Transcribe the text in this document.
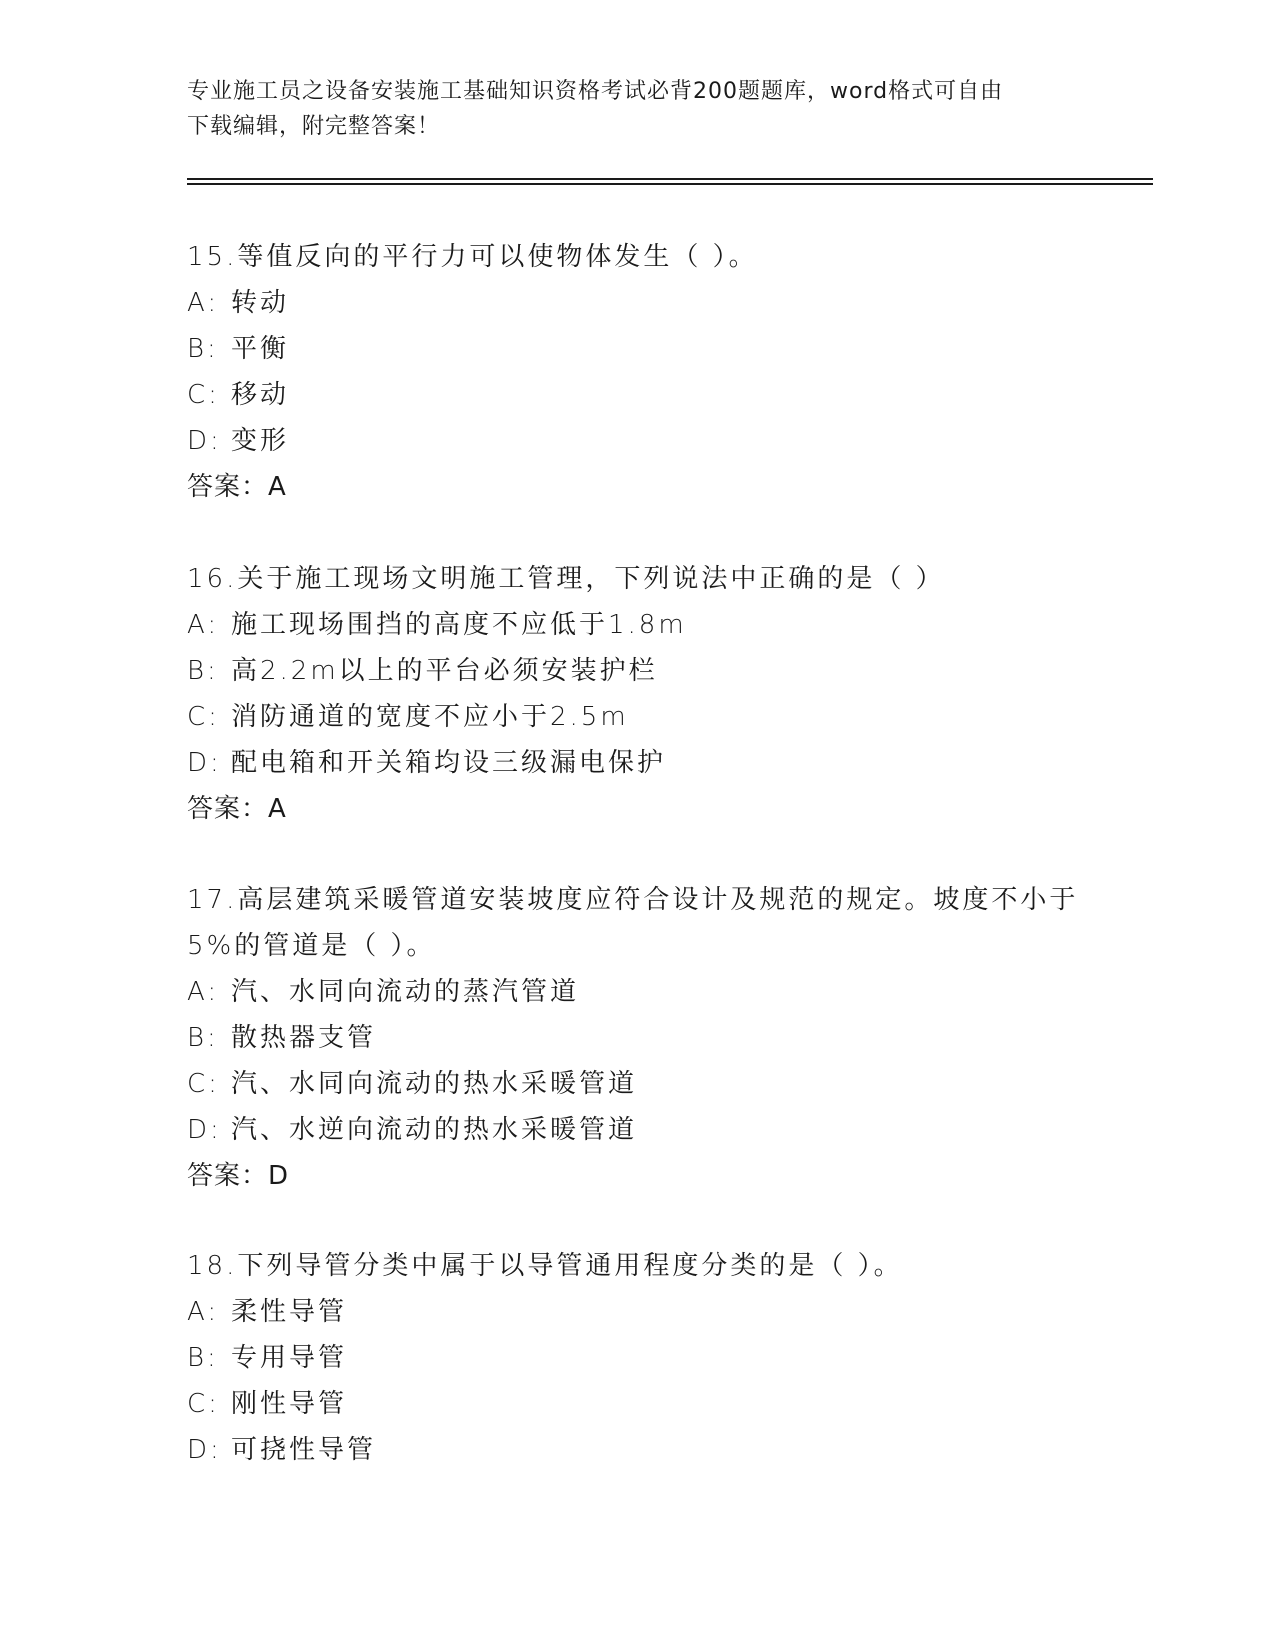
专业施工员之设备安装施工基础知识资格考试必背200题题库，word格式可自由
下载编辑，附完整答案！
15.等值反向的平行力可以使物体发生（ ）。
A: 转动
B: 平衡
C: 移动
D: 变形
答案：A
16.关于施工现场文明施工管理，下列说法中正确的是（ ）
A: 施工现场围挡的高度不应低于1.8m
B: 高2.2m以上的平台必须安装护栏
C: 消防通道的宽度不应小于2.5m
D: 配电箱和开关箱均设三级漏电保护
答案：A
17.高层建筑采暖管道安装坡度应符合设计及规范的规定。坡度不小于
5%的管道是（ ）。
A: 汽、水同向流动的蒸汽管道
B: 散热器支管
C: 汽、水同向流动的热水采暖管道
D: 汽、水逆向流动的热水采暖管道
答案：D
18.下列导管分类中属于以导管通用程度分类的是（ ）。
A: 柔性导管
B: 专用导管
C: 刚性导管
D: 可挠性导管
